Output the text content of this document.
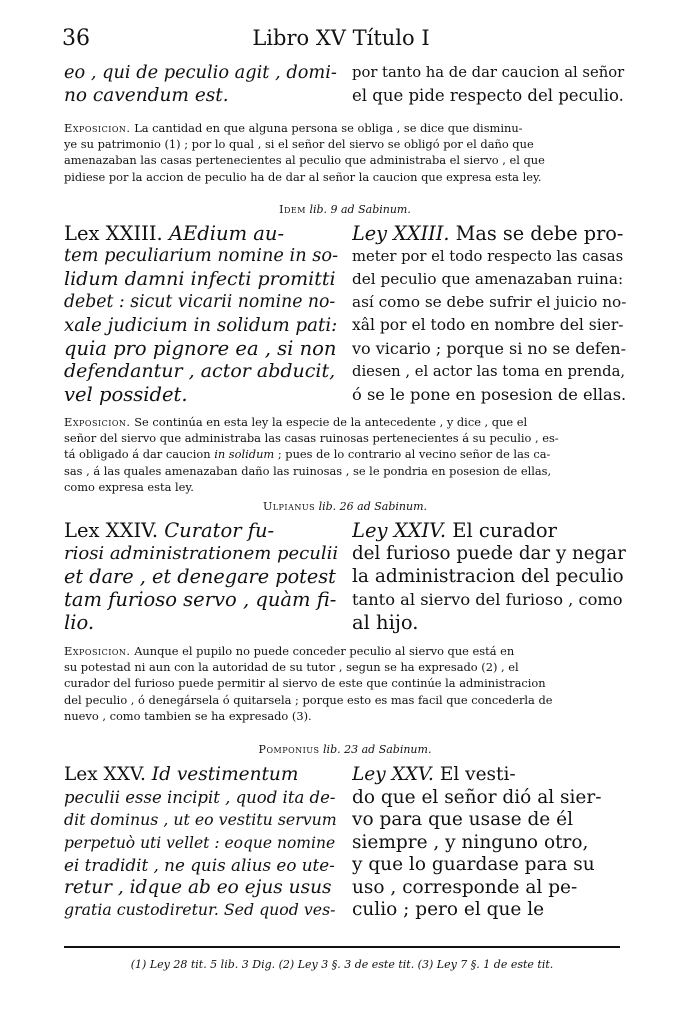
36	Libro XV Título I
eo , qui de peculio agit , domi-
no cavendum est.
por tanto ha de dar caucion al señor
el que pide respecto del peculio.
Exposicion. La cantidad en que alguna persona se obliga , se dice que disminu-
ye su patrimonio (1) ; por lo qual , si el señor del siervo se obligó por el daño que
amenazaban las casas pertenecientes al peculio que administraba el siervo , el que
pidiese por la accion de peculio ha de dar al señor la caucion que expresa esta ley.
Idem lib. 9 ad Sabinum.
Lex XXIII. AEdium au-
tem peculiarium nomine in so-
lidum damni infecti promitti
debet : sicut vicarii nomine no-
xale judicium in solidum pati:
quia pro pignore ea , si non
defendantur , actor abducit,
vel possidet.
Ley XXIII. Mas se debe pro-
meter por el todo respecto las casas
del peculio que amenazaban ruina:
así como se debe sufrir el juicio no-
xâl por el todo en nombre del sier-
vo vicario ; porque si no se defen-
diesen , el actor las toma en prenda,
ó se le pone en posesion de ellas.
Exposicion. Se continúa en esta ley la especie de la antecedente , y dice , que el
señor del siervo que administraba las casas ruinosas pertenecientes á su peculio , es-
tá obligado á dar caucion in solidum ; pues de lo contrario al vecino señor de las ca-
sas , á las quales amenazaban daño las ruinosas , se le pondria en posesion de ellas,
como expresa esta ley.
Ulpianus lib. 26 ad Sabinum.
Lex XXIV. Curator fu-
riosi administrationem peculii
et dare , et denegare potest
tam furioso servo , quàm fi-
lio.
Ley XXIV. El curador
del furioso puede dar y negar
la administracion del peculio
tanto al siervo del furioso , como
al hijo.
Exposicion. Aunque el pupilo no puede conceder peculio al siervo que está en
su potestad ni aun con la autoridad de su tutor , segun se ha expresado (2) , el
curador del furioso puede permitir al siervo de este que continúe la administracion
del peculio , ó denegársela ó quitarsela ; porque esto es mas facil que concederla de
nuevo , como tambien se ha expresado (3).
Pomponius lib. 23 ad Sabinum.
Lex XXV. Id vestimentum
peculii esse incipit , quod ita de-
dit dominus , ut eo vestitu servum
perpetuò uti vellet : eoque nomine
ei tradidit , ne quis alius eo ute-
retur , idque ab eo ejus usus
gratia custodiretur. Sed quod ves-
Ley XXV. El vesti-
do que el señor dió al sier-
vo para que usase de él
siempre , y ninguno otro,
y que lo guardase para su
uso , corresponde al pe-
culio ; pero el que le
(1) Ley 28 tit. 5 lib. 3 Dig. (2) Ley 3 §. 3 de este tit. (3) Ley 7 §. 1 de este tit.
